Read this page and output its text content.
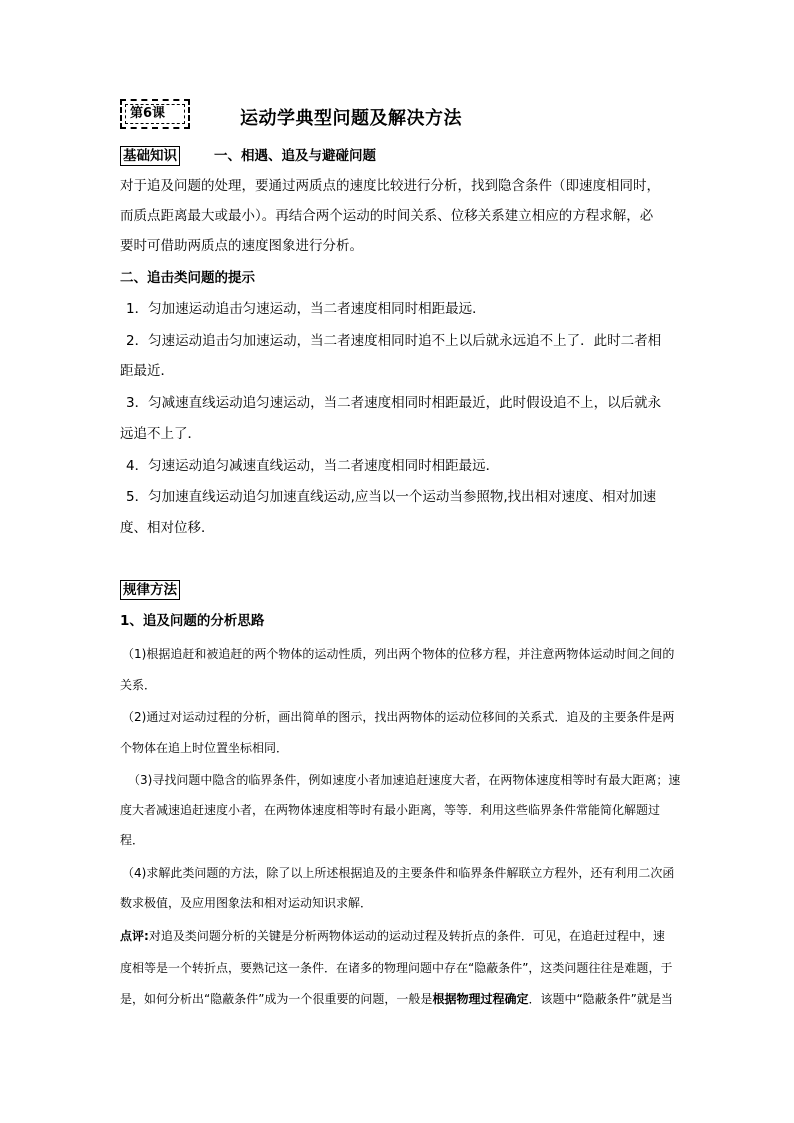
第6课	运动学典型问题及解决方法
基础知识	一、相遇、追及与避碰问题
对于追及问题的处理，要通过两质点的速度比较进行分析，找到隐含条件（即速度相同时，
而质点距离最大或最小）。再结合两个运动的时间关系、位移关系建立相应的方程求解，必
要时可借助两质点的速度图象进行分析。
二、追击类问题的提示
1．匀加速运动追击匀速运动，当二者速度相同时相距最远．
2．匀速运动追击匀加速运动，当二者速度相同时追不上以后就永远追不上了．此时二者相
距最近．
3．匀减速直线运动追匀速运动，当二者速度相同时相距最近，此时假设追不上，以后就永
远追不上了．
4．匀速运动追匀减速直线运动，当二者速度相同时相距最远．
5．匀加速直线运动追匀加速直线运动,应当以一个运动当参照物,找出相对速度、相对加速
度、相对位移．
规律方法
1、追及问题的分析思路
（1)根据追赶和被追赶的两个物体的运动性质，列出两个物体的位移方程，并注意两物体运动时间之间的
关系．
（2)通过对运动过程的分析，画出简单的图示，找出两物体的运动位移间的关系式．追及的主要条件是两
个物体在追上时位置坐标相同．
（3)寻找问题中隐含的临界条件，例如速度小者加速追赶速度大者，在两物体速度相等时有最大距离；速
度大者减速追赶速度小者，在两物体速度相等时有最小距离，等等．利用这些临界条件常能简化解题过
程．
（4)求解此类问题的方法，除了以上所述根据追及的主要条件和临界条件解联立方程外，还有利用二次函
数求极值，及应用图象法和相对运动知识求解．
点评:对追及类问题分析的关键是分析两物体运动的运动过程及转折点的条件．可见，在追赶过程中，速
度相等是一个转折点，要熟记这一条件．在诸多的物理问题中存在“隐蔽条件”，这类问题往往是难题，于
是，如何分析出“隐蔽条件”成为一个很重要的问题，一般是根据物理过程确定．该题中“隐蔽条件”就是当
